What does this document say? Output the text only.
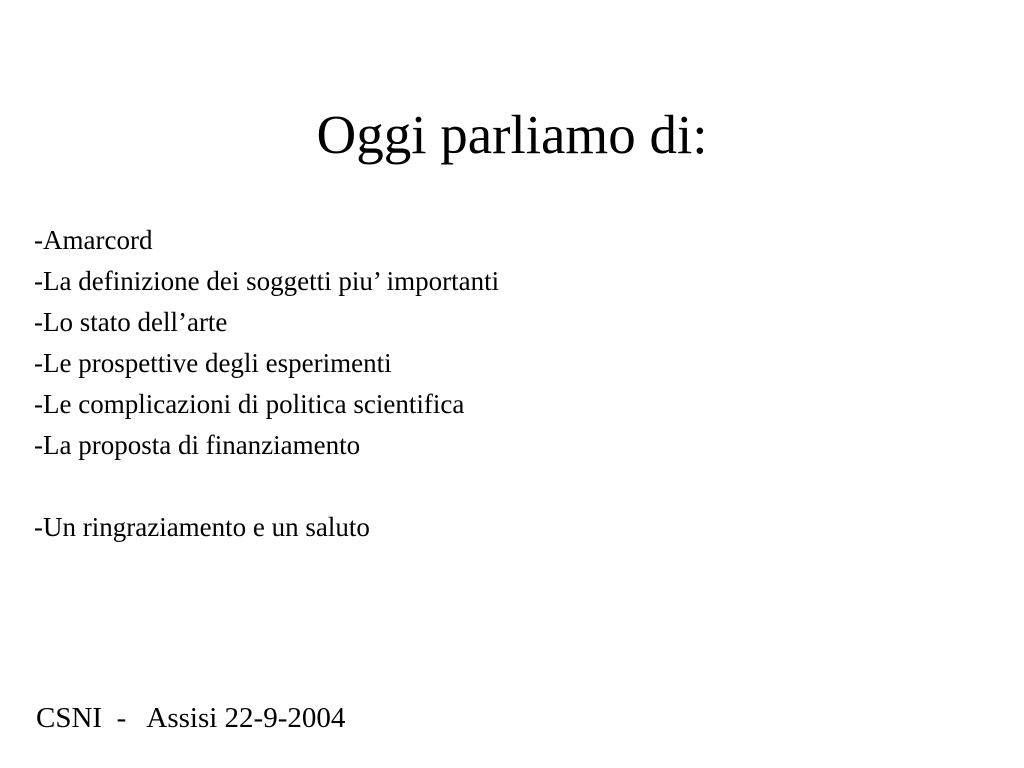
Oggi parliamo di:
-Amarcord
-La definizione dei soggetti piu’ importanti
-Lo stato dell’arte
-Le prospettive degli esperimenti
-Le complicazioni di politica scientifica
-La proposta di finanziamento
-Un ringraziamento e un saluto
CSNI  -   Assisi 22-9-2004
